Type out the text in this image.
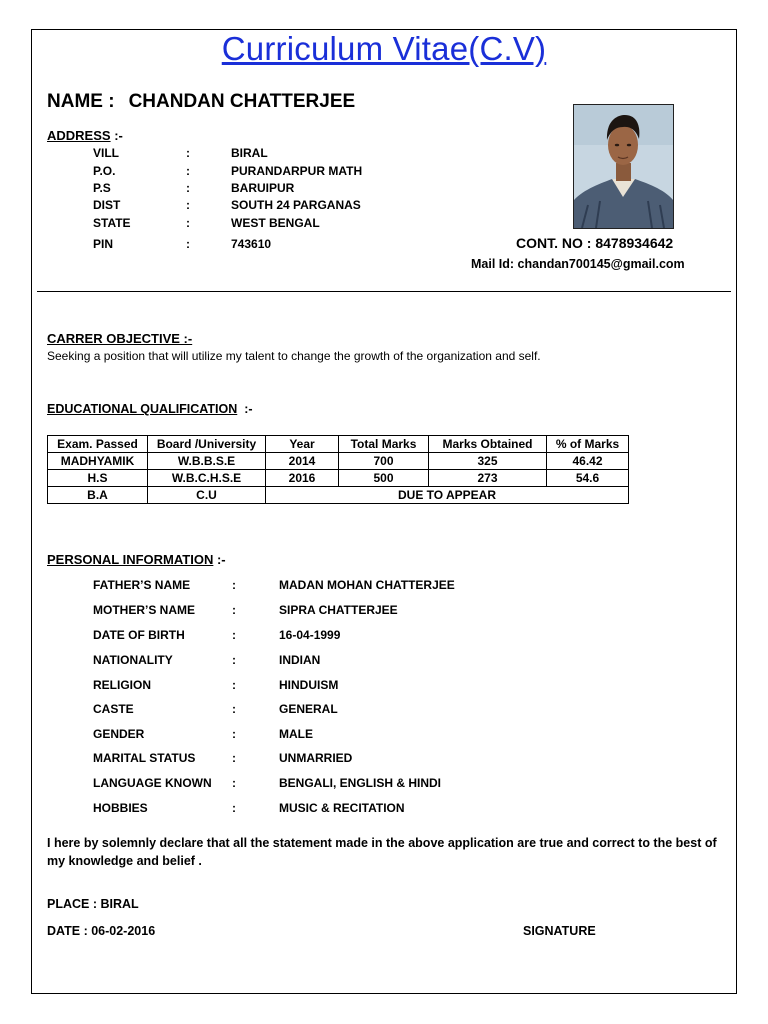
Curriculum Vitae(C.V)
NAME : CHANDAN CHATTERJEE
ADDRESS :-
VILL	:	BIRAL
P.O.	:	PURANDARPUR MATH
P.S	:	BARUIPUR
DIST	:	SOUTH 24 PARGANAS
STATE	:	WEST BENGAL
PIN	:	743610	CONT. NO : 8478934642
Mail Id: chandan700145@gmail.com
CARRER OBJECTIVE :-
Seeking a position that will utilize my talent to change the growth of the organization and self.
EDUCATIONAL QUALIFICATION  :-
Exam. Passed	Board /University	Year	Total Marks	Marks Obtained	% of Marks
MADHYAMIK	W.B.B.S.E	2014	700	325	46.42
H.S	W.B.C.H.S.E	2016	500	273	54.6
B.A	C.U	DUE TO APPEAR			
PERSONAL INFORMATION :-
FATHER’S NAME	:	MADAN MOHAN CHATTERJEE
MOTHER’S NAME	:	SIPRA CHATTERJEE
DATE OF BIRTH	:	16-04-1999
NATIONALITY	:	INDIAN
RELIGION	:	HINDUISM
CASTE	:	GENERAL
GENDER	:	MALE
MARITAL STATUS	:	UNMARRIED
LANGUAGE KNOWN :	BENGALI, ENGLISH & HINDI
HOBBIES	:	MUSIC & RECITATION
I here by solemnly declare that all the statement made in the above application are true and correct to the best of my knowledge and belief .
PLACE : BIRAL
DATE : 06-02-2016	SIGNATURE
